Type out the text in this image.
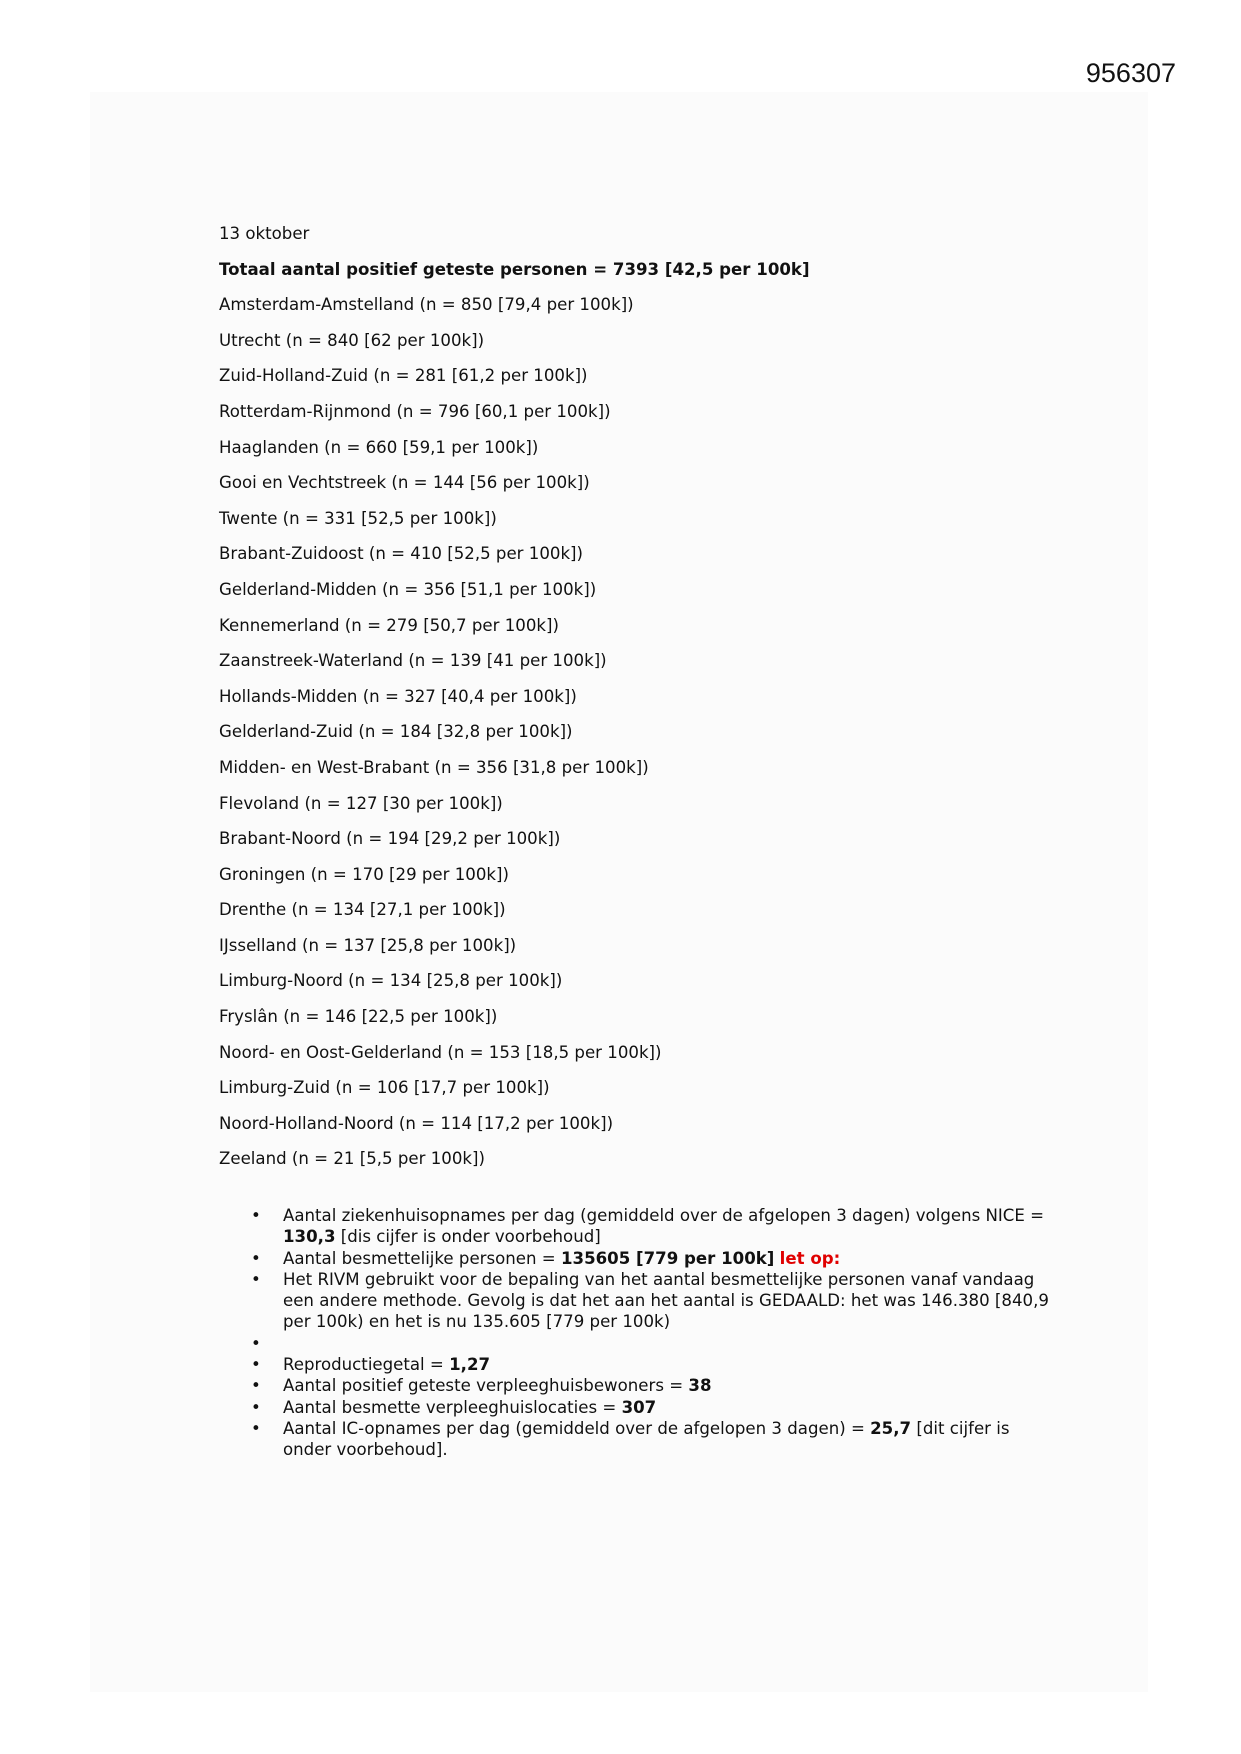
956307
13 oktober
Totaal aantal positief geteste personen = 7393 [42,5 per 100k]
Amsterdam-Amstelland (n = 850 [79,4 per 100k])
Utrecht (n = 840 [62 per 100k])
Zuid-Holland-Zuid (n = 281 [61,2 per 100k])
Rotterdam-Rijnmond (n = 796 [60,1 per 100k])
Haaglanden (n = 660 [59,1 per 100k])
Gooi en Vechtstreek (n = 144 [56 per 100k])
Twente (n = 331 [52,5 per 100k])
Brabant-Zuidoost (n = 410 [52,5 per 100k])
Gelderland-Midden (n = 356 [51,1 per 100k])
Kennemerland (n = 279 [50,7 per 100k])
Zaanstreek-Waterland (n = 139 [41 per 100k])
Hollands-Midden (n = 327 [40,4 per 100k])
Gelderland-Zuid (n = 184 [32,8 per 100k])
Midden- en West-Brabant (n = 356 [31,8 per 100k])
Flevoland (n = 127 [30 per 100k])
Brabant-Noord (n = 194 [29,2 per 100k])
Groningen (n = 170 [29 per 100k])
Drenthe (n = 134 [27,1 per 100k])
IJsselland (n = 137 [25,8 per 100k])
Limburg-Noord (n = 134 [25,8 per 100k])
Fryslân (n = 146 [22,5 per 100k])
Noord- en Oost-Gelderland (n = 153 [18,5 per 100k])
Limburg-Zuid (n = 106 [17,7 per 100k])
Noord-Holland-Noord (n = 114 [17,2 per 100k])
Zeeland (n = 21 [5,5 per 100k])
• Aantal ziekenhuisopnames per dag (gemiddeld over de afgelopen 3 dagen) volgens NICE = 130,3 [dis cijfer is onder voorbehoud]
• Aantal besmettelijke personen = 135605 [779 per 100k] let op:
• Het RIVM gebruikt voor de bepaling van het aantal besmettelijke personen vanaf vandaag een andere methode. Gevolg is dat het aan het aantal is GEDAALD: het was 146.380 [840,9 per 100k) en het is nu 135.605 [779 per 100k)
•
• Reproductiegetal = 1,27
• Aantal positief geteste verpleeghuisbewoners = 38
• Aantal besmette verpleeghuislocaties = 307
• Aantal IC-opnames per dag (gemiddeld over de afgelopen 3 dagen) = 25,7 [dit cijfer is onder voorbehoud].
